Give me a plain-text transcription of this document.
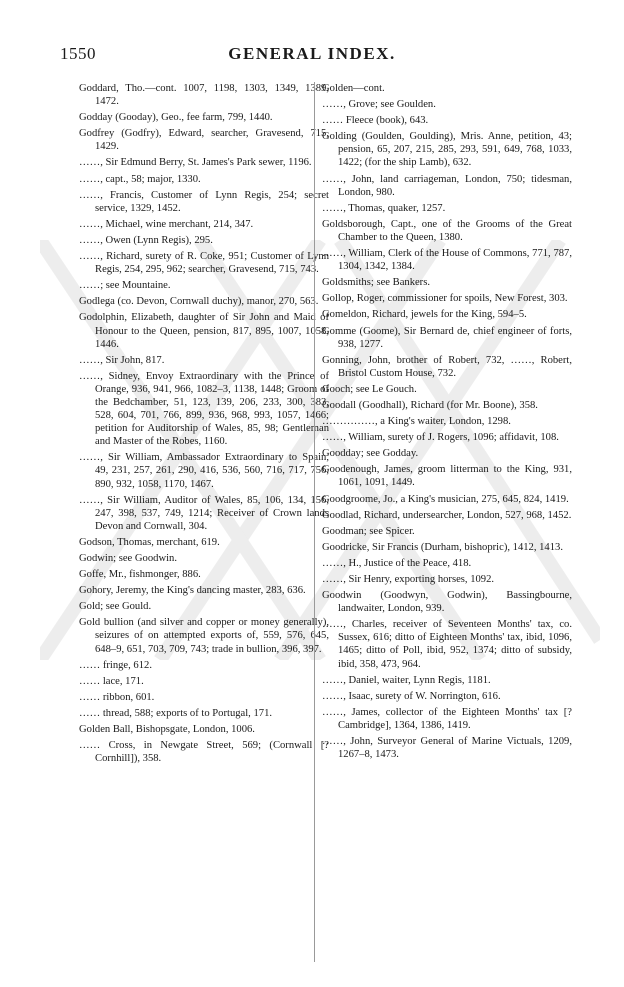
1550	GENERAL INDEX.

Goddard, Tho.—cont. 1007, 1198, 1303, 1349, 1389, 1472.

Godday (Gooday), Geo., fee farm, 799, 1440.

Godfrey (Godfry), Edward, searcher, Gravesend, 715, 1429.

……, Sir Edmund Berry, St. James's Park sewer, 1196.

……, capt., 58; major, 1330.

……, Francis, Customer of Lynn Regis, 254; secret service, 1329, 1452.

……, Michael, wine merchant, 214, 347.

……, Owen (Lynn Regis), 295.

……, Richard, surety of R. Coke, 951; Customer of Lynn Regis, 254, 295, 962; searcher, Gravesend, 715, 743.

……; see Mountaine.

Godlega (co. Devon, Cornwall duchy), manor, 270, 563.

Godolphin, Elizabeth, daughter of Sir John and Maid of Honour to the Queen, pension, 817, 895, 1007, 1058, 1446.

……, Sir John, 817.

……, Sidney, Envoy Extraordinary with the Prince of Orange, 936, 941, 966, 1082–3, 1138, 1448; Groom of the Bedchamber, 51, 123, 139, 206, 233, 300, 383, 528, 604, 701, 766, 899, 936, 968, 993, 1057, 1466; petition for Auditorship of Wales, 85, 98; Gentleman and Master of the Robes, 1160.

……, Sir William, Ambassador Extraordinary to Spain, 49, 231, 257, 261, 290, 416, 536, 560, 716, 717, 756, 890, 932, 1058, 1170, 1467.

……, Sir William, Auditor of Wales, 85, 106, 134, 156, 247, 398, 537, 749, 1214; Receiver of Crown lands Devon and Cornwall, 304.

Godson, Thomas, merchant, 619.

Godwin; see Goodwin.

Goffe, Mr., fishmonger, 886.

Gohory, Jeremy, the King's dancing master, 283, 636.

Gold; see Gould.

Gold bullion (and silver and copper or money generally), seizures of on attempted exports of, 559, 576, 645, 648–9, 651, 703, 709, 743; trade in bullion, 396, 397.

…… fringe, 612.

…… lace, 171.

…… ribbon, 601.

…… thread, 588; exports of to Portugal, 171.

Golden Ball, Bishopsgate, London, 1006.

…… Cross, in Newgate Street, 569; (Cornwall [? Cornhill]), 358.

Golden—cont.

……, Grove; see Goulden.

…… Fleece (book), 643.

Golding (Goulden, Goulding), Mris. Anne, petition, 43; pension, 65, 207, 215, 285, 293, 591, 649, 768, 1033, 1422; (for the ship Lamb), 632.

……, John, land carriageman, London, 750; tidesman, London, 980.

……, Thomas, quaker, 1257.

Goldsborough, Capt., one of the Grooms of the Great Chamber to the Queen, 1380.

……, William, Clerk of the House of Commons, 771, 787, 1304, 1342, 1384.

Goldsmiths; see Bankers.

Gollop, Roger, commissioner for spoils, New Forest, 303.

Gomeldon, Richard, jewels for the King, 594–5.

Gomme (Goome), Sir Bernard de, chief engineer of forts, 938, 1277.

Gonning, John, brother of Robert, 732, ……, Robert, Bristol Custom House, 732.

Gooch; see Le Gouch.

Goodall (Goodhall), Richard (for Mr. Boone), 358.

……………, a King's waiter, London, 1298.

……, William, surety of J. Rogers, 1096; affidavit, 108.

Goodday; see Godday.

Goodenough, James, groom litterman to the King, 931, 1061, 1091, 1449.

Goodgroome, Jo., a King's musician, 275, 645, 824, 1419.

Goodlad, Richard, undersearcher, London, 527, 968, 1452.

Goodman; see Spicer.

Goodricke, Sir Francis (Durham, bishopric), 1412, 1413.

……, H., Justice of the Peace, 418.

……, Sir Henry, exporting horses, 1092.

Goodwin (Goodwyn, Godwin), Bassingbourne, landwaiter, London, 939.

……, Charles, receiver of Seventeen Months' tax, co. Sussex, 616; ditto of Eighteen Months' tax, ibid, 1096, 1465; ditto of Poll, ibid, 952, 1374; ditto of subsidy, ibid, 358, 473, 964.

……, Daniel, waiter, Lynn Regis, 1181.

……, Isaac, surety of W. Norrington, 616.

……, James, collector of the Eighteen Months' tax [? Cambridge], 1364, 1386, 1419.

……, John, Surveyor General of Marine Victuals, 1209, 1267–8, 1473.
